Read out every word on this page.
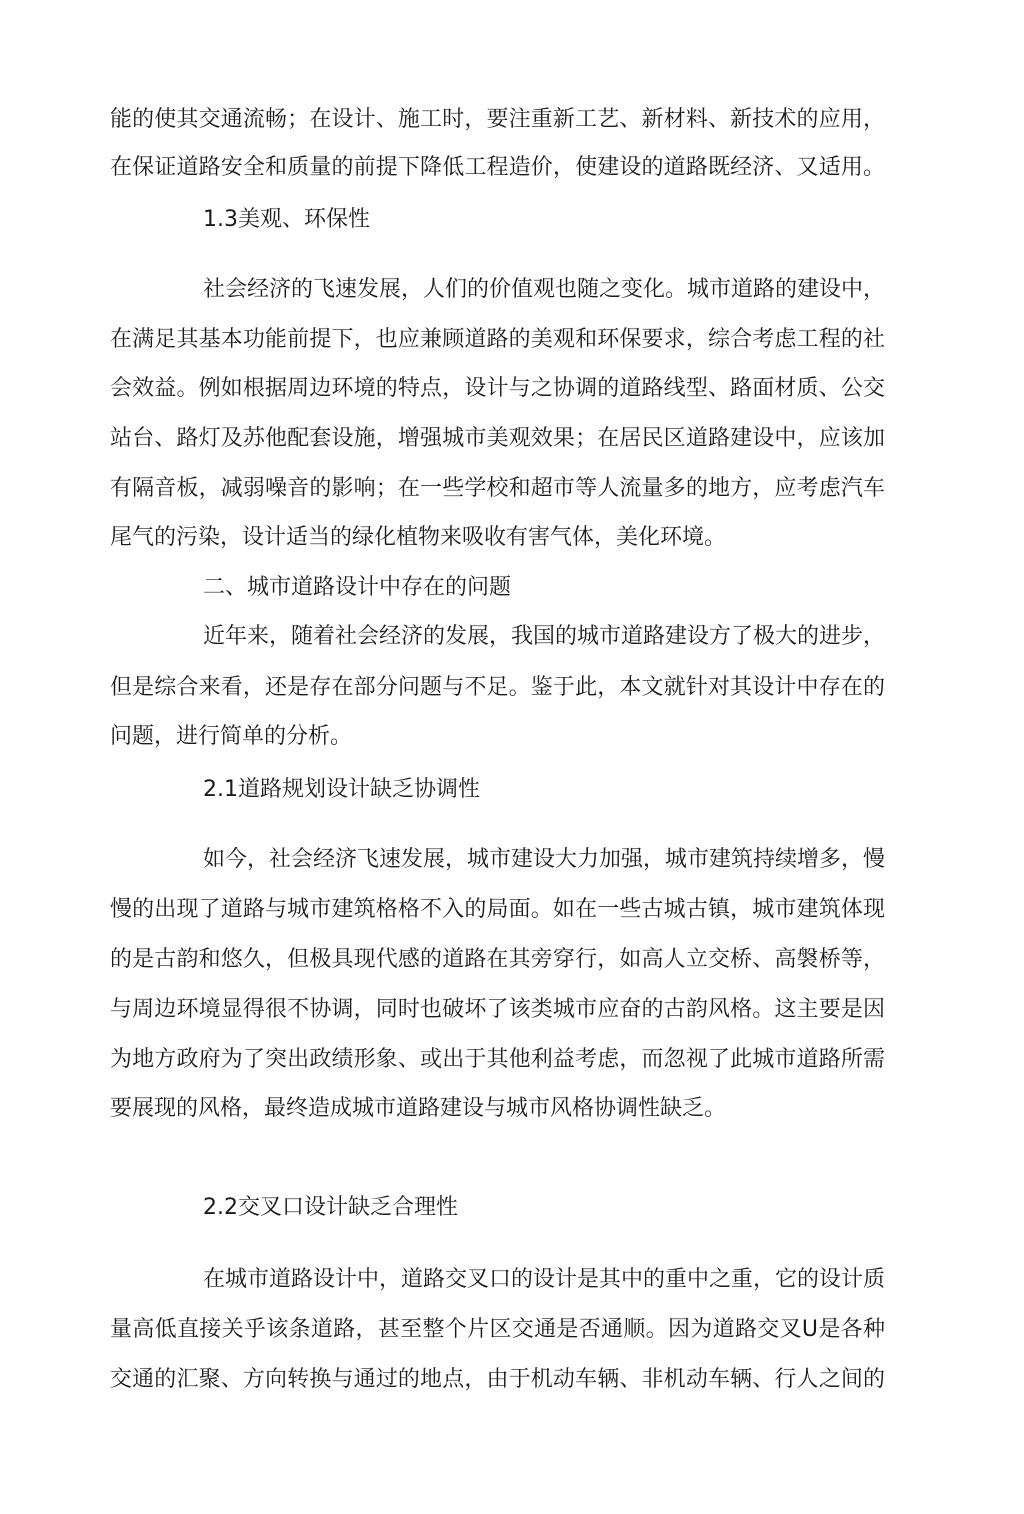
能的使其交通流畅；在设计、施工时，要注重新工艺、新材料、新技术的应用，
在保证道路安全和质量的前提下降低工程造价，使建设的道路既经济、又适用。
1.3美观、环保性
社会经济的飞速发展，人们的价值观也随之变化。城市道路的建设中，
在满足其基本功能前提下，也应兼顾道路的美观和环保要求，综合考虑工程的社
会效益。例如根据周边环境的特点，设计与之协调的道路线型、路面材质、公交
站台、路灯及苏他配套设施，增强城市美观效果；在居民区道路建设中，应该加
有隔音板，减弱噪音的影响；在一些学校和超市等人流量多的地方，应考虑汽车
尾气的污染，设计适当的绿化植物来吸收有害气体，美化环境。
二、城市道路设计中存在的问题
近年来，随着社会经济的发展，我国的城市道路建设方了极大的进步，
但是综合来看，还是存在部分问题与不足。鉴于此，本文就针对其设计中存在的
问题，进行简单的分析。
2.1道路规划设计缺乏协调性
如今，社会经济飞速发展，城市建设大力加强，城市建筑持续增多，慢
慢的出现了道路与城市建筑格格不入的局面。如在一些古城古镇，城市建筑体现
的是古韵和悠久，但极具现代感的道路在其旁穿行，如高人立交桥、高褩桥等，
与周边环境显得很不协调，同时也破坏了该类城市应奋的古韵风格。这主要是因
为地方政府为了突出政绩形象、或出于其他利益考虑，而忽视了此城市道路所需
要展现的风格，最终造成城市道路建设与城市风格协调性缺乏。
2.2交叉口设计缺乏合理性
在城市道路设计中，道路交叉口的设计是其中的重中之重，它的设计质
量高低直接关乎该条道路，甚至整个片区交通是否通顺。因为道路交叉U是各种
交通的汇聚、方向转换与通过的地点，由于机动车辆、非机动车辆、行人之间的
